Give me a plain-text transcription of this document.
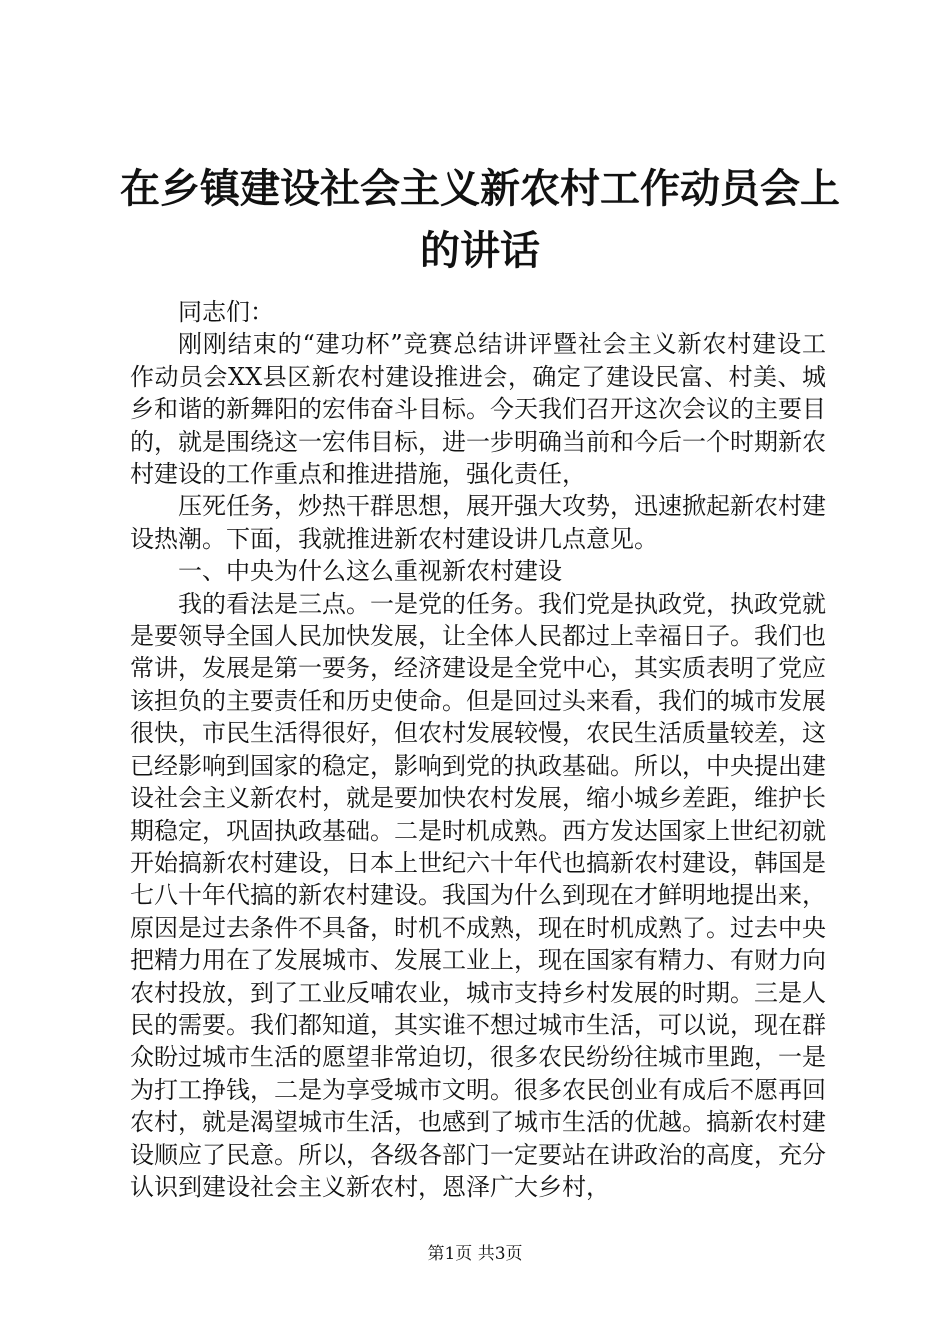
在乡镇建设社会主义新农村工作动员会上的讲话

同志们：

刚刚结束的“建功杯”竞赛总结讲评暨社会主义新农村建设工作动员会XX县区新农村建设推进会，确定了建设民富、村美、城乡和谐的新舞阳的宏伟奋斗目标。今天我们召开这次会议的主要目的，就是围绕这一宏伟目标，进一步明确当前和今后一个时期新农村建设的工作重点和推进措施，强化责任，

压死任务，炒热干群思想，展开强大攻势，迅速掀起新农村建设热潮。下面，我就推进新农村建设讲几点意见。

一、中央为什么这么重视新农村建设

我的看法是三点。一是党的任务。我们党是执政党，执政党就是要领导全国人民加快发展，让全体人民都过上幸福日子。我们也常讲，发展是第一要务，经济建设是全党中心，其实质表明了党应该担负的主要责任和历史使命。但是回过头来看，我们的城市发展很快，市民生活得很好，但农村发展较慢，农民生活质量较差，这已经影响到国家的稳定，影响到党的执政基础。所以，中央提出建设社会主义新农村，就是要加快农村发展，缩小城乡差距，维护长期稳定，巩固执政基础。二是时机成熟。西方发达国家上世纪初就开始搞新农村建设，日本上世纪六十年代也搞新农村建设，韩国是七八十年代搞的新农村建设。我国为什么到现在才鲜明地提出来，原因是过去条件不具备，时机不成熟，现在时机成熟了。过去中央把精力用在了发展城市、发展工业上，现在国家有精力、有财力向农村投放，到了工业反哺农业，城市支持乡村发展的时期。三是人民的需要。我们都知道，其实谁不想过城市生活，可以说，现在群众盼过城市生活的愿望非常迫切，很多农民纷纷往城市里跑，一是为打工挣钱，二是为享受城市文明。很多农民创业有成后不愿再回农村，就是渴望城市生活，也感到了城市生活的优越。搞新农村建设顺应了民意。所以，各级各部门一定要站在讲政治的高度，充分认识到建设社会主义新农村，恩泽广大乡村，

第1页 共3页
